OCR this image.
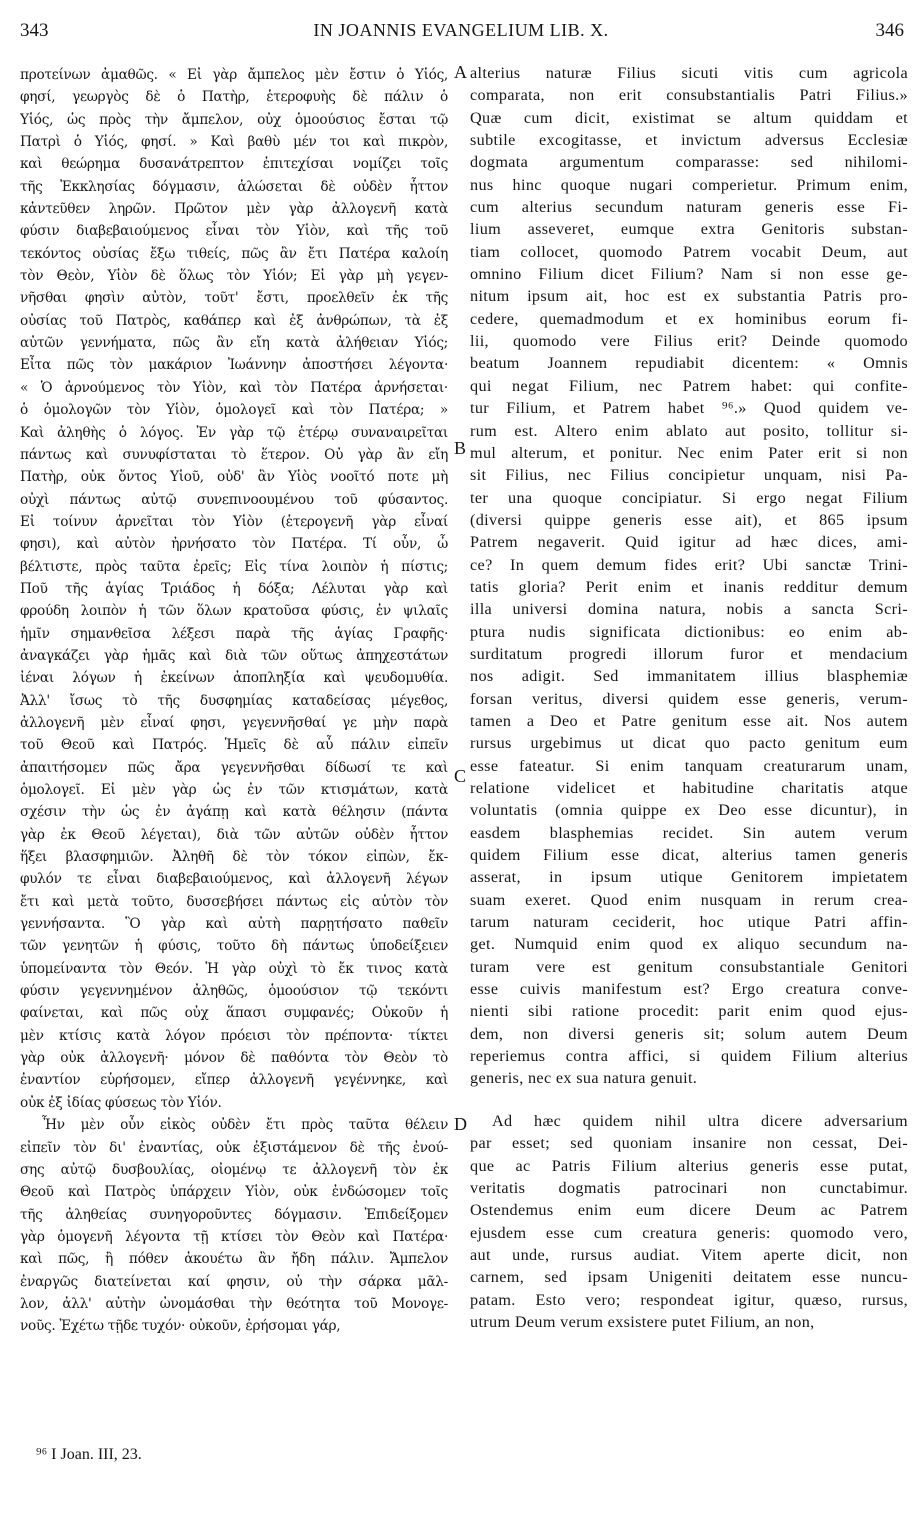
343	IN JOANNIS EVANGELIUM LIB. X.	346
προτείνων ἀμαθῶς. « Εἰ γὰρ ἄμπελος μὲν ἔστιν ὁ Υἱός,
φησί, γεωργὸς δὲ ὁ Πατὴρ, ἑτεροφυὴς δὲ πάλιν ὁ
Υἱός, ὡς πρὸς τὴν ἄμπελον, οὐχ ὁμοούσιος ἔσται τῷ
Πατρὶ ὁ Υἱός, φησί. » Καὶ βαθὺ μέν τοι καὶ πικρὸν,
καὶ θεώρημα δυσανάτρεπτον ἐπιτεχίσαι νομίζει τοῖς
τῆς Ἐκκλησίας δόγμασιν, ἁλώσεται δὲ οὐδὲν ἧττον
κἀντεῦθεν ληρῶν. Πρῶτον μὲν γὰρ ἀλλογενῆ κατὰ
φύσιν διαβεβαιούμενος εἶναι τὸν Υἱὸν, καὶ τῆς τοῦ
τεκόντος οὐσίας ἔξω τιθείς, πῶς ἂν ἔτι Πατέρα καλοίη
τὸν Θεὸν, Υἱὸν δὲ ὅλως τὸν Υἱόν; Εἰ γὰρ μὴ γεγεν-
νῆσθαι φησὶν αὐτὸν, τοῦτ' ἔστι, προελθεῖν ἐκ τῆς
οὐσίας τοῦ Πατρὸς, καθάπερ καὶ ἐξ ἀνθρώπων, τὰ ἐξ
αὐτῶν γεννήματα, πῶς ἂν εἴη κατὰ ἀλήθειαν Υἱός;
Εἶτα πῶς τὸν μακάριον Ἰωάννην ἀποστήσει λέγοντα·
« Ὁ ἀρνούμενος τὸν Υἱὸν, καὶ τὸν Πατέρα ἀρνήσεται·
ὁ ὁμολογῶν τὸν Υἱὸν, ὁμολογεῖ καὶ τὸν Πατέρα; »
Καὶ ἀληθὴς ὁ λόγος. Ἐν γὰρ τῷ ἑτέρῳ συναναιρεῖται
πάντως καὶ συνυφίσταται τὸ ἕτερον. Οὐ γὰρ ἂν εἴη
Πατὴρ, οὐκ ὄντος Υἱοῦ, οὐδ' ἂν Υἱὸς νοοῖτό ποτε μὴ
οὐχὶ πάντως αὐτῷ συνεπινοουμένου τοῦ φύσαντος.
Εἰ τοίνυν ἀρνεῖται τὸν Υἱὸν (ἑτερογενῆ γὰρ εἶναί
φησι), καὶ αὐτὸν ἠρνήσατο τὸν Πατέρα. Τί οὖν, ὦ
βέλτιστε, πρὸς ταῦτα ἐρεῖς; Εἰς τίνα λοιπὸν ἡ πίστις;
Ποῦ τῆς ἁγίας Τριάδος ἡ δόξα; Λέλυται γὰρ καὶ
φρούδη λοιπὸν ἡ τῶν ὅλων κρατοῦσα φύσις, ἐν ψιλαῖς
ἡμῖν σημανθεῖσα λέξεσι παρὰ τῆς ἁγίας Γραφῆς·
ἀναγκάζει γὰρ ἡμᾶς καὶ διὰ τῶν οὕτως ἀπηχεστάτων
ἰέναι λόγων ἡ ἐκείνων ἀποπληξία καὶ ψευδομυθία.
Ἀλλ' ἴσως τὸ τῆς δυσφημίας καταδείσας μέγεθος,
ἀλλογενῆ μὲν εἶναί φησι, γεγεννῆσθαί γε μὴν παρὰ
τοῦ Θεοῦ καὶ Πατρός. Ἡμεῖς δὲ αὖ πάλιν εἰπεῖν
ἀπαιτήσομεν πῶς ἄρα γεγεννῆσθαι δίδωσί τε καὶ
ὁμολογεῖ. Εἰ μὲν γὰρ ὡς ἐν τῶν κτισμάτων, κατὰ
σχέσιν τὴν ὡς ἐν ἀγάπῃ καὶ κατὰ θέλησιν (πάντα
γὰρ ἐκ Θεοῦ λέγεται), διὰ τῶν αὐτῶν οὐδὲν ἧττον
ἥξει βλασφημιῶν. Ἀληθῆ δὲ τὸν τόκον εἰπὼν, ἔκ-
φυλόν τε εἶναι διαβεβαιούμενος, καὶ ἀλλογενῆ λέγων
ἔτι καὶ μετὰ τοῦτο, δυσσεβήσει πάντως εἰς αὐτὸν τὸν
γεννήσαντα. Ὃ γὰρ καὶ αὐτὴ παρῃτήσατο παθεῖν
τῶν γενητῶν ἡ φύσις, τοῦτο δὴ πάντως ὑποδείξειεν
ὑπομείναντα τὸν Θεόν. Ἡ γὰρ οὐχὶ τὸ ἔκ τινος κατὰ
φύσιν γεγεννημένον ἀληθῶς, ὁμοούσιον τῷ τεκόντι
φαίνεται, καὶ πῶς οὐχ ἅπασι συμφανές; Οὐκοῦν ἡ
μὲν κτίσις κατὰ λόγον πρόεισι τὸν πρέποντα· τίκτει
γὰρ οὐκ ἀλλογενῆ· μόνον δὲ παθόντα τὸν Θεὸν τὸ
ἐναντίον εὑρήσομεν, εἴπερ ἀλλογενῆ γεγέννηκε, καὶ
οὐκ ἐξ ἰδίας φύσεως τὸν Υἱόν.
Ἦν μὲν οὖν εἰκὸς οὐδὲν ἔτι πρὸς ταῦτα θέλειν
εἰπεῖν τὸν δι' ἐναντίας, οὐκ ἐξιστάμενον δὲ τῆς ἐνού-
σης αὐτῷ δυσβουλίας, οἰομένῳ τε ἀλλογενῆ τὸν ἐκ
Θεοῦ καὶ Πατρὸς ὑπάρχειν Υἱὸν, οὐκ ἐνδώσομεν τοῖς
τῆς ἀληθείας συνηγοροῦντες δόγμασιν. Ἐπιδείξομεν
γὰρ ὁμογενῆ λέγοντα τῇ κτίσει τὸν Θεὸν καὶ Πατέρα·
καὶ πῶς, ἢ πόθεν ἀκουέτω ἂν ἤδη πάλιν. Ἄμπελον
ἐναργῶς διατείνεται καί φησιν, οὐ τὴν σάρκα μᾶλ-
λον, ἀλλ' αὐτὴν ὠνομάσθαι τὴν θεότητα τοῦ Μονογε-
νοῦς. Ἐχέτω τῇδε τυχόν· οὐκοῦν, ἐρήσομαι γάρ,
alterius naturæ Filius sicuti vitis cum agricola
comparata, non erit consubstantialis Patri Filius.»
Quæ cum dicit, existimat se altum quiddam et
subtile excogitasse, et invictum adversus Ecclesiæ
dogmata argumentum comparasse: sed nihilomi-
nus hinc quoque nugari comperietur. Primum enim,
cum alterius secundum naturam generis esse Fi-
lium asseveret, eumque extra Genitoris substan-
tiam collocet, quomodo Patrem vocabit Deum, aut
omnino Filium dicet Filium? Nam si non esse ge-
nitum ipsum ait, hoc est ex substantia Patris pro-
cedere, quemadmodum et ex hominibus eorum fi-
lii, quomodo vere Filius erit? Deinde quomodo
beatum Joannem repudiabit dicentem: « Omnis
qui negat Filium, nec Patrem habet: qui confite-
tur Filium, et Patrem habet ⁹⁶.» Quod quidem ve-
rum est. Altero enim ablato aut posito, tollitur si-
mul alterum, et ponitur. Nec enim Pater erit si non
sit Filius, nec Filius concipietur unquam, nisi Pa-
ter una quoque concipiatur. Si ergo negat Filium
(diversi quippe generis esse ait), et 865 ipsum
Patrem negaverit. Quid igitur ad hæc dices, ami-
ce? In quem demum fides erit? Ubi sanctæ Trini-
tatis gloria? Perit enim et inanis redditur demum
illa universi domina natura, nobis a sancta Scri-
ptura nudis significata dictionibus: eo enim ab-
surditatum progredi illorum furor et mendacium
nos adigit. Sed immanitatem illius blasphemiæ
forsan veritus, diversi quidem esse generis, verum-
tamen a Deo et Patre genitum esse ait. Nos autem
rursus urgebimus ut dicat quo pacto genitum eum
esse fateatur. Si enim tanquam creaturarum unam,
relatione videlicet et habitudine charitatis atque
voluntatis (omnia quippe ex Deo esse dicuntur), in
easdem blasphemias recidet. Sin autem verum
quidem Filium esse dicat, alterius tamen generis
asserat, in ipsum utique Genitorem impietatem
suam exeret. Quod enim nusquam in rerum crea-
tarum naturam ceciderit, hoc utique Patri affin-
get. Numquid enim quod ex aliquo secundum na-
turam vere est genitum consubstantiale Genitori
esse cuivis manifestum est? Ergo creatura conve-
nienti sibi ratione procedit: parit enim quod ejus-
dem, non diversi generis sit; solum autem Deum
reperiemus contra affici, si quidem Filium alterius
generis, nec ex sua natura genuit.
Ad hæc quidem nihil ultra dicere adversarium
par esset; sed quoniam insanire non cessat, Dei-
que ac Patris Filium alterius generis esse putat,
veritatis dogmatis patrocinari non cunctabimur.
Ostendemus enim eum dicere Deum ac Patrem
ejusdem esse cum creatura generis: quomodo vero,
aut unde, rursus audiat. Vitem aperte dicit, non
carnem, sed ipsam Unigeniti deitatem esse nuncu-
patam. Esto vero; respondeat igitur, quæso, rursus,
utrum Deum verum exsistere putet Filium, an non,
A
B
C
D
⁹⁶ I Joan. III, 23.
